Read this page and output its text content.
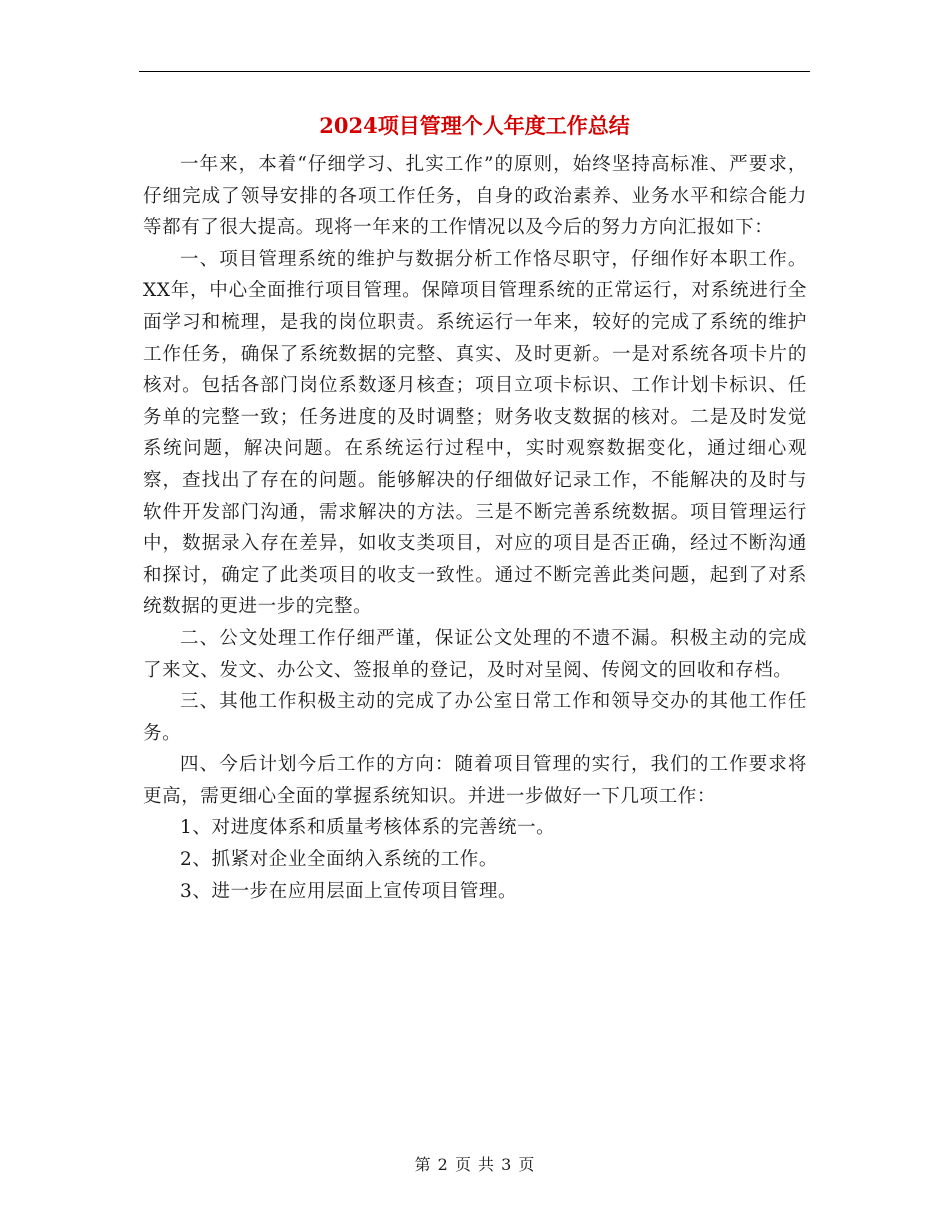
2024项目管理个人年度工作总结

一年来，本着“仔细学习、扎实工作”的原则，始终坚持高标准、严要求，仔细完成了领导安排的各项工作任务，自身的政治素养、业务水平和综合能力等都有了很大提高。现将一年来的工作情况以及今后的努力方向汇报如下：

一、项目管理系统的维护与数据分析工作恪尽职守，仔细作好本职工作。XX年，中心全面推行项目管理。保障项目管理系统的正常运行，对系统进行全面学习和梳理，是我的岗位职责。系统运行一年来，较好的完成了系统的维护工作任务，确保了系统数据的完整、真实、及时更新。一是对系统各项卡片的核对。包括各部门岗位系数逐月核查；项目立项卡标识、工作计划卡标识、任务单的完整一致；任务进度的及时调整；财务收支数据的核对。二是及时发觉系统问题，解决问题。在系统运行过程中，实时观察数据变化，通过细心观察，查找出了存在的问题。能够解决的仔细做好记录工作，不能解决的及时与软件开发部门沟通，需求解决的方法。三是不断完善系统数据。项目管理运行中，数据录入存在差异，如收支类项目，对应的项目是否正确，经过不断沟通和探讨，确定了此类项目的收支一致性。通过不断完善此类问题，起到了对系统数据的更进一步的完整。

二、公文处理工作仔细严谨，保证公文处理的不遗不漏。积极主动的完成了来文、发文、办公文、签报单的登记，及时对呈阅、传阅文的回收和存档。

三、其他工作积极主动的完成了办公室日常工作和领导交办的其他工作任务。

四、今后计划今后工作的方向：随着项目管理的实行，我们的工作要求将更高，需更细心全面的掌握系统知识。并进一步做好一下几项工作：

1、对进度体系和质量考核体系的完善统一。

2、抓紧对企业全面纳入系统的工作。

3、进一步在应用层面上宣传项目管理。

第 2 页 共 3 页
